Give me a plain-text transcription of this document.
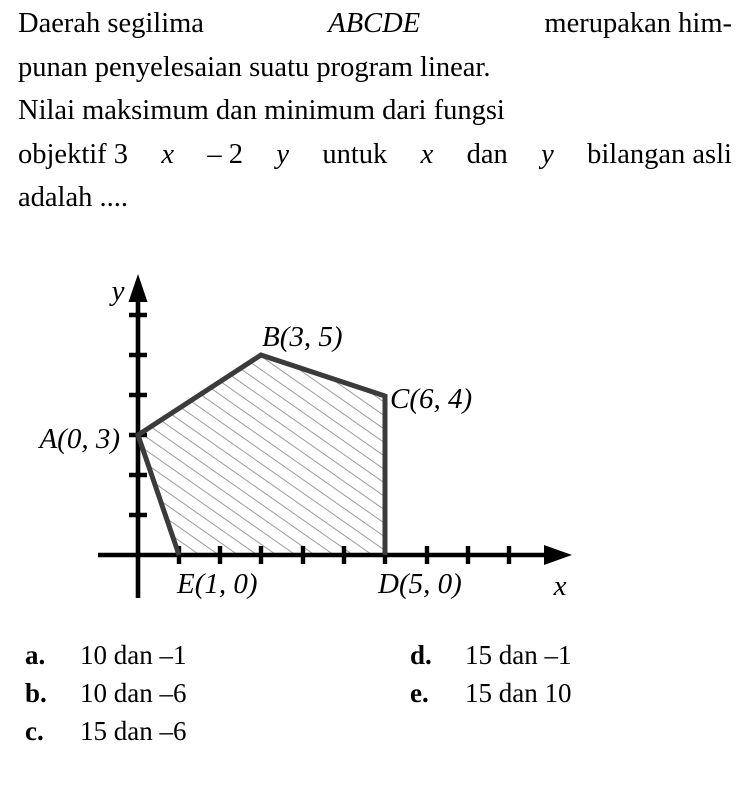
Daerah segilima	ABCDE	merupakan him-
punan penyelesaian suatu program linear.
Nilai maksimum dan minimum dari fungsi
objektif 3 x – 2 y untuk x dan y bilangan asli
adalah ....
A(0, 3)
B(3, 5)
C(6, 4)
D(5, 0)
E(1, 0)
y
x
a.	10 dan –1
b.	10 dan –6
c.	15 dan –6
d.	15 dan –1
e.	15 dan 10
